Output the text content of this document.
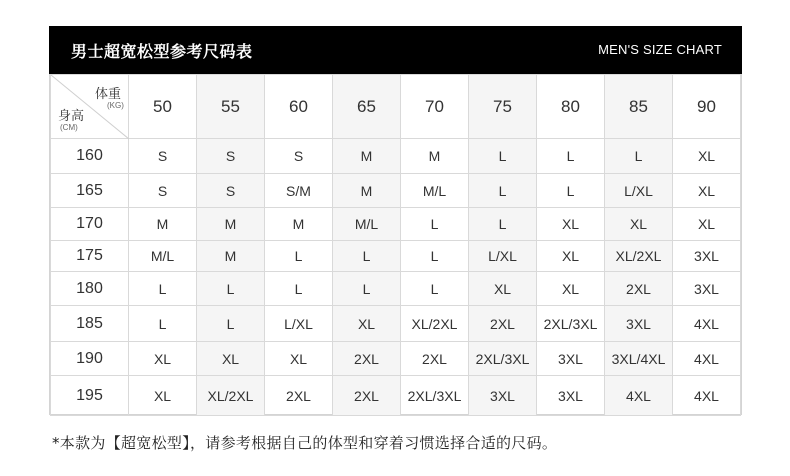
男士超宽松型参考尺码表	MEN'S SIZE CHART
体重
(KG)
身高
(CM)	50	55	60	65	70	75	80	85	90
160	S	S	S	M	M	L	L	L	XL
165	S	S	S/M	M	M/L	L	L	L/XL	XL
170	M	M	M	M/L	L	L	XL	XL	XL
175	M/L	M	L	L	L	L/XL	XL	XL/2XL	3XL
180	L	L	L	L	L	XL	XL	2XL	3XL
185	L	L	L/XL	XL	XL/2XL	2XL	2XL/3XL	3XL	4XL
190	XL	XL	XL	2XL	2XL	2XL/3XL	3XL	3XL/4XL	4XL
195	XL	XL/2XL	2XL	2XL	2XL/3XL	3XL	3XL	4XL	4XL
*本款为【超宽松型】，请参考根据自己的体型和穿着习惯选择合适的尺码。
